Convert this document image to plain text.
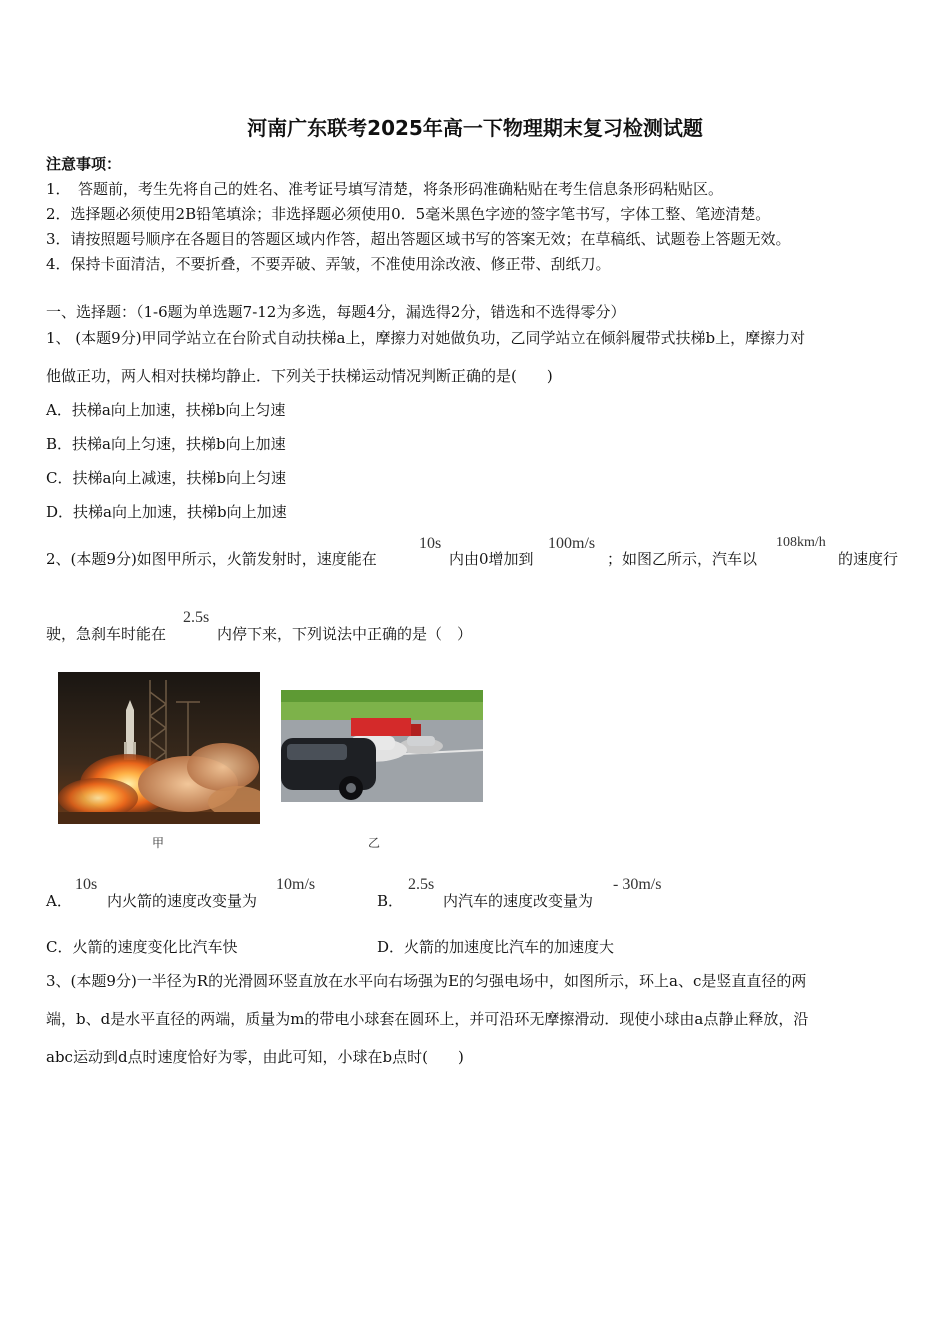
河南广东联考2025年高一下物理期末复习检测试题
注意事项：
1．　答题前，考生先将自己的姓名、准考证号填写清楚，将条形码准确粘贴在考生信息条形码粘贴区。
2．选择题必须使用2B铅笔填涂；非选择题必须使用0．5毫米黑色字迹的签字笔书写，字体工整、笔迹清楚。
3．请按照题号顺序在各题目的答题区域内作答，超出答题区域书写的答案无效；在草稿纸、试题卷上答题无效。
4．保持卡面清洁，不要折叠，不要弄破、弄皱，不准使用涂改液、修正带、刮纸刀。
一、选择题：（1-6题为单选题7-12为多选，每题4分，漏选得2分，错选和不选得零分）
1、 (本题9分)甲同学站立在台阶式自动扶梯a上，摩擦力对她做负功，乙同学站立在倾斜履带式扶梯b上，摩擦力对
他做正功，两人相对扶梯均静止．下列关于扶梯运动情况判断正确的是(　　)
A．扶梯a向上加速，扶梯b向上匀速
B．扶梯a向上匀速，扶梯b向上加速
C．扶梯a向上减速，扶梯b向上匀速
D．扶梯a向上加速，扶梯b向上加速
2、(本题9分)如图甲所示，火箭发射时，速度能在
10s
内由0增加到
100m/s
；如图乙所示，汽车以
108km/h
的速度行
驶，急刹车时能在
2.5s
内停下来，下列说法中正确的是（　）
甲	乙
A．
10s
内火箭的速度改变量为
10m/s
B．
2.5s
内汽车的速度改变量为
- 30m/s
C．火箭的速度变化比汽车快	D．火箭的加速度比汽车的加速度大
3、(本题9分)一半径为R的光滑圆环竖直放在水平向右场强为E的匀强电场中，如图所示，环上a、c是竖直直径的两
端，b、d是水平直径的两端，质量为m的带电小球套在圆环上，并可沿环无摩擦滑动．现使小球由a点静止释放，沿
abc运动到d点时速度恰好为零，由此可知，小球在b点时(　　)
